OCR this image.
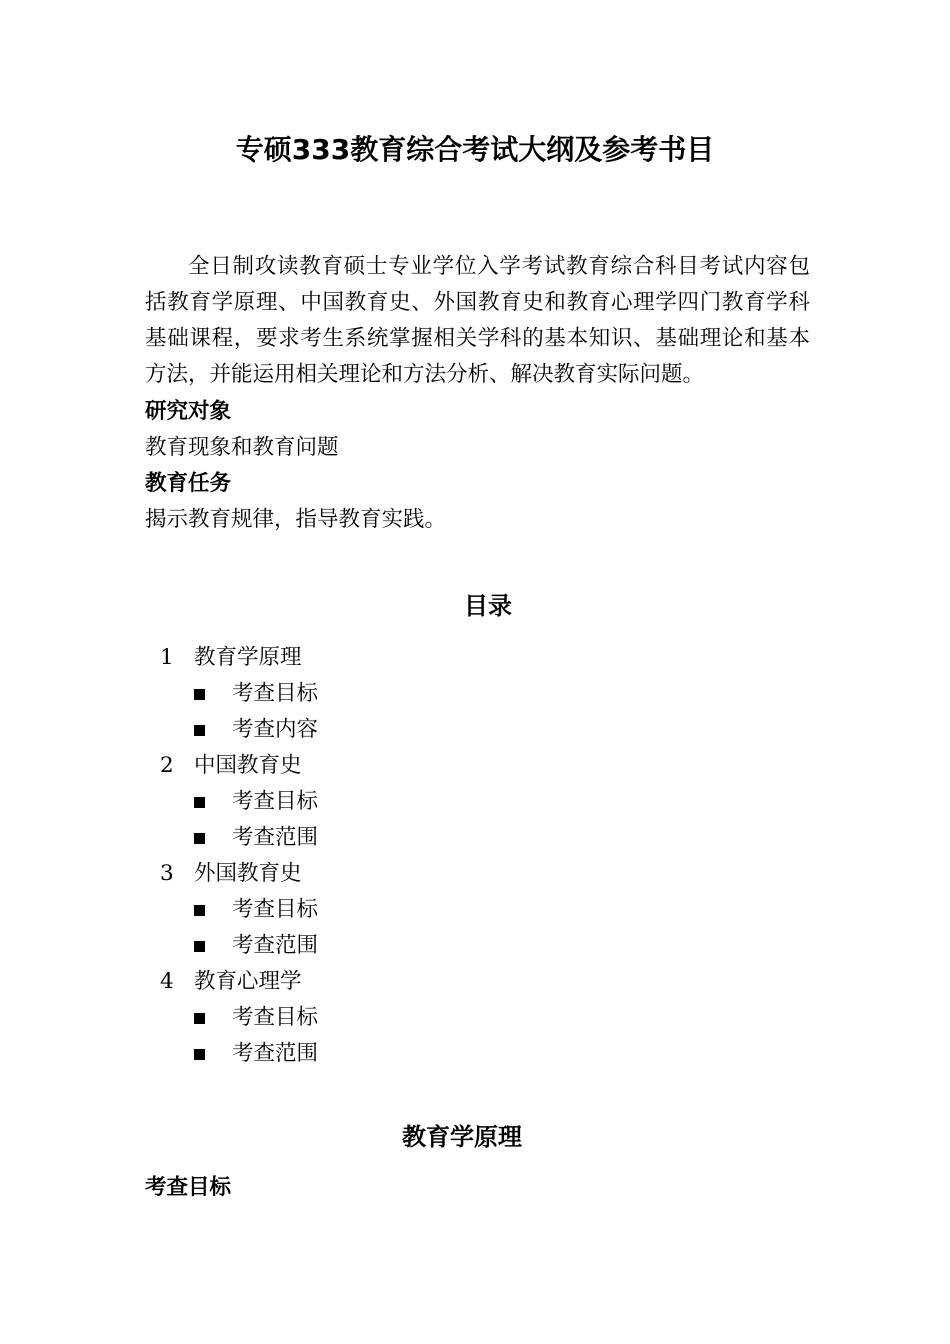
专硕333教育综合考试大纲及参考书目

全日制攻读教育硕士专业学位入学考试教育综合科目考试内容包括教育学原理、中国教育史、外国教育史和教育心理学四门教育学科基础课程，要求考生系统掌握相关学科的基本知识、基础理论和基本方法，并能运用相关理论和方法分析、解决教育实际问题。

研究对象
教育现象和教育问题
教育任务
揭示教育规律，指导教育实践。
目录
1 教育学原理
考查目标
考查内容
2 中国教育史
考查目标
考查范围
3 外国教育史
考查目标
考查范围
4 教育心理学
考查目标
考查范围
教育学原理
考查目标
